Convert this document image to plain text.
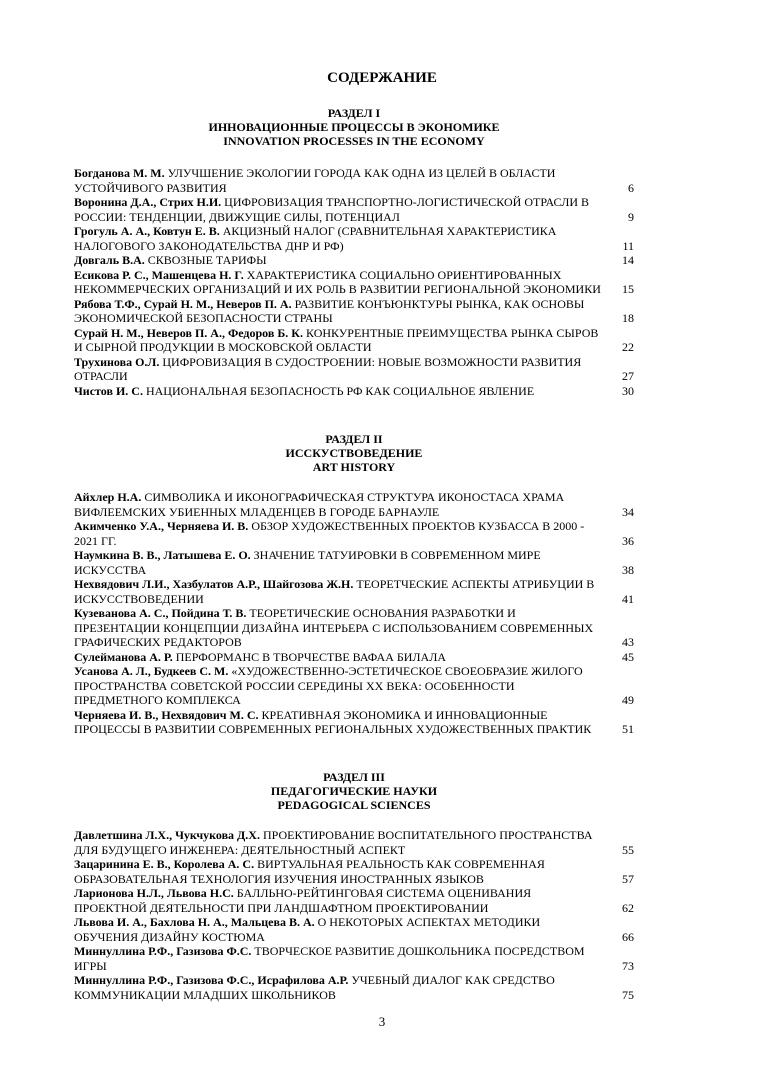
СОДЕРЖАНИЕ
РАЗДЕЛ I
ИННОВАЦИОННЫЕ ПРОЦЕССЫ В ЭКОНОМИКЕ
INNOVATION PROCESSES IN THE ECONOMY
Богданова М. М. УЛУЧШЕНИЕ ЭКОЛОГИИ ГОРОДА КАК ОДНА ИЗ ЦЕЛЕЙ В ОБЛАСТИ УСТОЙЧИВОГО РАЗВИТИЯ	6
Воронина Д.А., Стрих Н.И. ЦИФРОВИЗАЦИЯ ТРАНСПОРТНО-ЛОГИСТИЧЕСКОЙ ОТРАСЛИ В РОССИИ: ТЕНДЕНЦИИ, ДВИЖУЩИЕ СИЛЫ, ПОТЕНЦИАЛ	9
Грогуль А. А., Ковтун Е. В. АКЦИЗНЫЙ НАЛОГ (СРАВНИТЕЛЬНАЯ ХАРАКТЕРИСТИКА НАЛОГОВОГО ЗАКОНОДАТЕЛЬСТВА ДНР И РФ)	11
Довгаль В.А. СКВОЗНЫЕ ТАРИФЫ	14
Есикова Р. С., Машенцева Н. Г. ХАРАКТЕРИСТИКА СОЦИАЛЬНО ОРИЕНТИРОВАННЫХ НЕКОММЕРЧЕСКИХ ОРГАНИЗАЦИЙ И ИХ РОЛЬ В РАЗВИТИИ РЕГИОНАЛЬНОЙ ЭКОНОМИКИ	15
Рябова Т.Ф., Сурай Н. М., Неверов П. А. РАЗВИТИЕ КОНЪЮНКТУРЫ РЫНКА, КАК ОСНОВЫ ЭКОНОМИЧЕСКОЙ БЕЗОПАСНОСТИ СТРАНЫ	18
Сурай Н. М., Неверов П. А., Федоров Б. К. КОНКУРЕНТНЫЕ ПРЕИМУЩЕСТВА РЫНКА СЫРОВ И СЫРНОЙ ПРОДУКЦИИ В МОСКОВСКОЙ ОБЛАСТИ	22
Трухинова О.Л. ЦИФРОВИЗАЦИЯ В СУДОСТРОЕНИИ: НОВЫЕ ВОЗМОЖНОСТИ РАЗВИТИЯ ОТРАСЛИ	27
Чистов И. С. НАЦИОНАЛЬНАЯ БЕЗОПАСНОСТЬ РФ КАК СОЦИАЛЬНОЕ ЯВЛЕНИЕ	30
РАЗДЕЛ II
ИССКУСТВОВЕДЕНИЕ
ART HISTORY
Айхлер Н.А. СИМВОЛИКА И ИКОНОГРАФИЧЕСКАЯ СТРУКТУРА ИКОНОСТАСА ХРАМА ВИФЛЕЕМСКИХ УБИЕННЫХ МЛАДЕНЦЕВ В ГОРОДЕ БАРНАУЛЕ	34
Акимченко У.А., Черняева И. В. ОБЗОР ХУДОЖЕСТВЕННЫХ ПРОЕКТОВ КУЗБАССА В 2000 - 2021 ГГ.	36
Наумкина В. В., Латышева Е. О. ЗНАЧЕНИЕ ТАТУИРОВКИ В СОВРЕМЕННОМ МИРЕ ИСКУССТВА	38
Нехвядович Л.И., Хазбулатов А.Р., Шайгозова Ж.Н. ТЕОРЕТЧЕСКИЕ АСПЕКТЫ АТРИБУЦИИ В ИСКУССТВОВЕДЕНИИ	41
Кузеванова А. С., Пойдина Т. В. ТЕОРЕТИЧЕСКИЕ ОСНОВАНИЯ РАЗРАБОТКИ И ПРЕЗЕНТАЦИИ КОНЦЕПЦИИ ДИЗАЙНА ИНТЕРЬЕРА С ИСПОЛЬЗОВАНИЕМ СОВРЕМЕННЫХ ГРАФИЧЕСКИХ РЕДАКТОРОВ	43
Сулейманова А. Р. ПЕРФОРМАНС В ТВОРЧЕСТВЕ ВАФАА БИЛАЛА	45
Усанова А. Л., Будкеев С. М. «ХУДОЖЕСТВЕННО-ЭСТЕТИЧЕСКОЕ СВОЕОБРАЗИЕ ЖИЛОГО ПРОСТРАНСТВА СОВЕТСКОЙ РОССИИ СЕРЕДИНЫ ХХ ВЕКА: ОСОБЕННОСТИ ПРЕДМЕТНОГО КОМПЛЕКСА	49
Черняева И. В., Нехвядович М. С. КРЕАТИВНАЯ ЭКОНОМИКА И ИННОВАЦИОННЫЕ ПРОЦЕССЫ В РАЗВИТИИ СОВРЕМЕННЫХ РЕГИОНАЛЬНЫХ ХУДОЖЕСТВЕННЫХ ПРАКТИК	51
РАЗДЕЛ III
ПЕДАГОГИЧЕСКИЕ НАУКИ
PEDAGOGICAL SCIENCES
Давлетшина Л.Х., Чукчукова Д.Х. ПРОЕКТИРОВАНИЕ ВОСПИТАТЕЛЬНОГО ПРОСТРАНСТВА ДЛЯ БУДУЩЕГО ИНЖЕНЕРА: ДЕЯТЕЛЬНОСТНЫЙ АСПЕКТ	55
Зацаринина Е. В., Королева А. С. ВИРТУАЛЬНАЯ РЕАЛЬНОСТЬ КАК СОВРЕМЕННАЯ ОБРАЗОВАТЕЛЬНАЯ ТЕХНОЛОГИЯ ИЗУЧЕНИЯ ИНОСТРАННЫХ ЯЗЫКОВ	57
Ларионова Н.Л., Львова Н.С. БАЛЛЬНО-РЕЙТИНГОВАЯ СИСТЕМА ОЦЕНИВАНИЯ ПРОЕКТНОЙ ДЕЯТЕЛЬНОСТИ ПРИ ЛАНДШАФТНОМ ПРОЕКТИРОВАНИИ	62
Львова И. А., Бахлова Н. А., Мальцева В. А. О НЕКОТОРЫХ АСПЕКТАХ МЕТОДИКИ ОБУЧЕНИЯ ДИЗАЙНУ КОСТЮМА	66
Миннуллина Р.Ф., Газизова Ф.С. ТВОРЧЕСКОЕ РАЗВИТИЕ ДОШКОЛЬНИКА ПОСРЕДСТВОМ ИГРЫ	73
Миннуллина Р.Ф., Газизова Ф.С., Исрафилова А.Р. УЧЕБНЫЙ ДИАЛОГ КАК СРЕДСТВО КОММУНИКАЦИИ МЛАДШИХ ШКОЛЬНИКОВ	75
3
